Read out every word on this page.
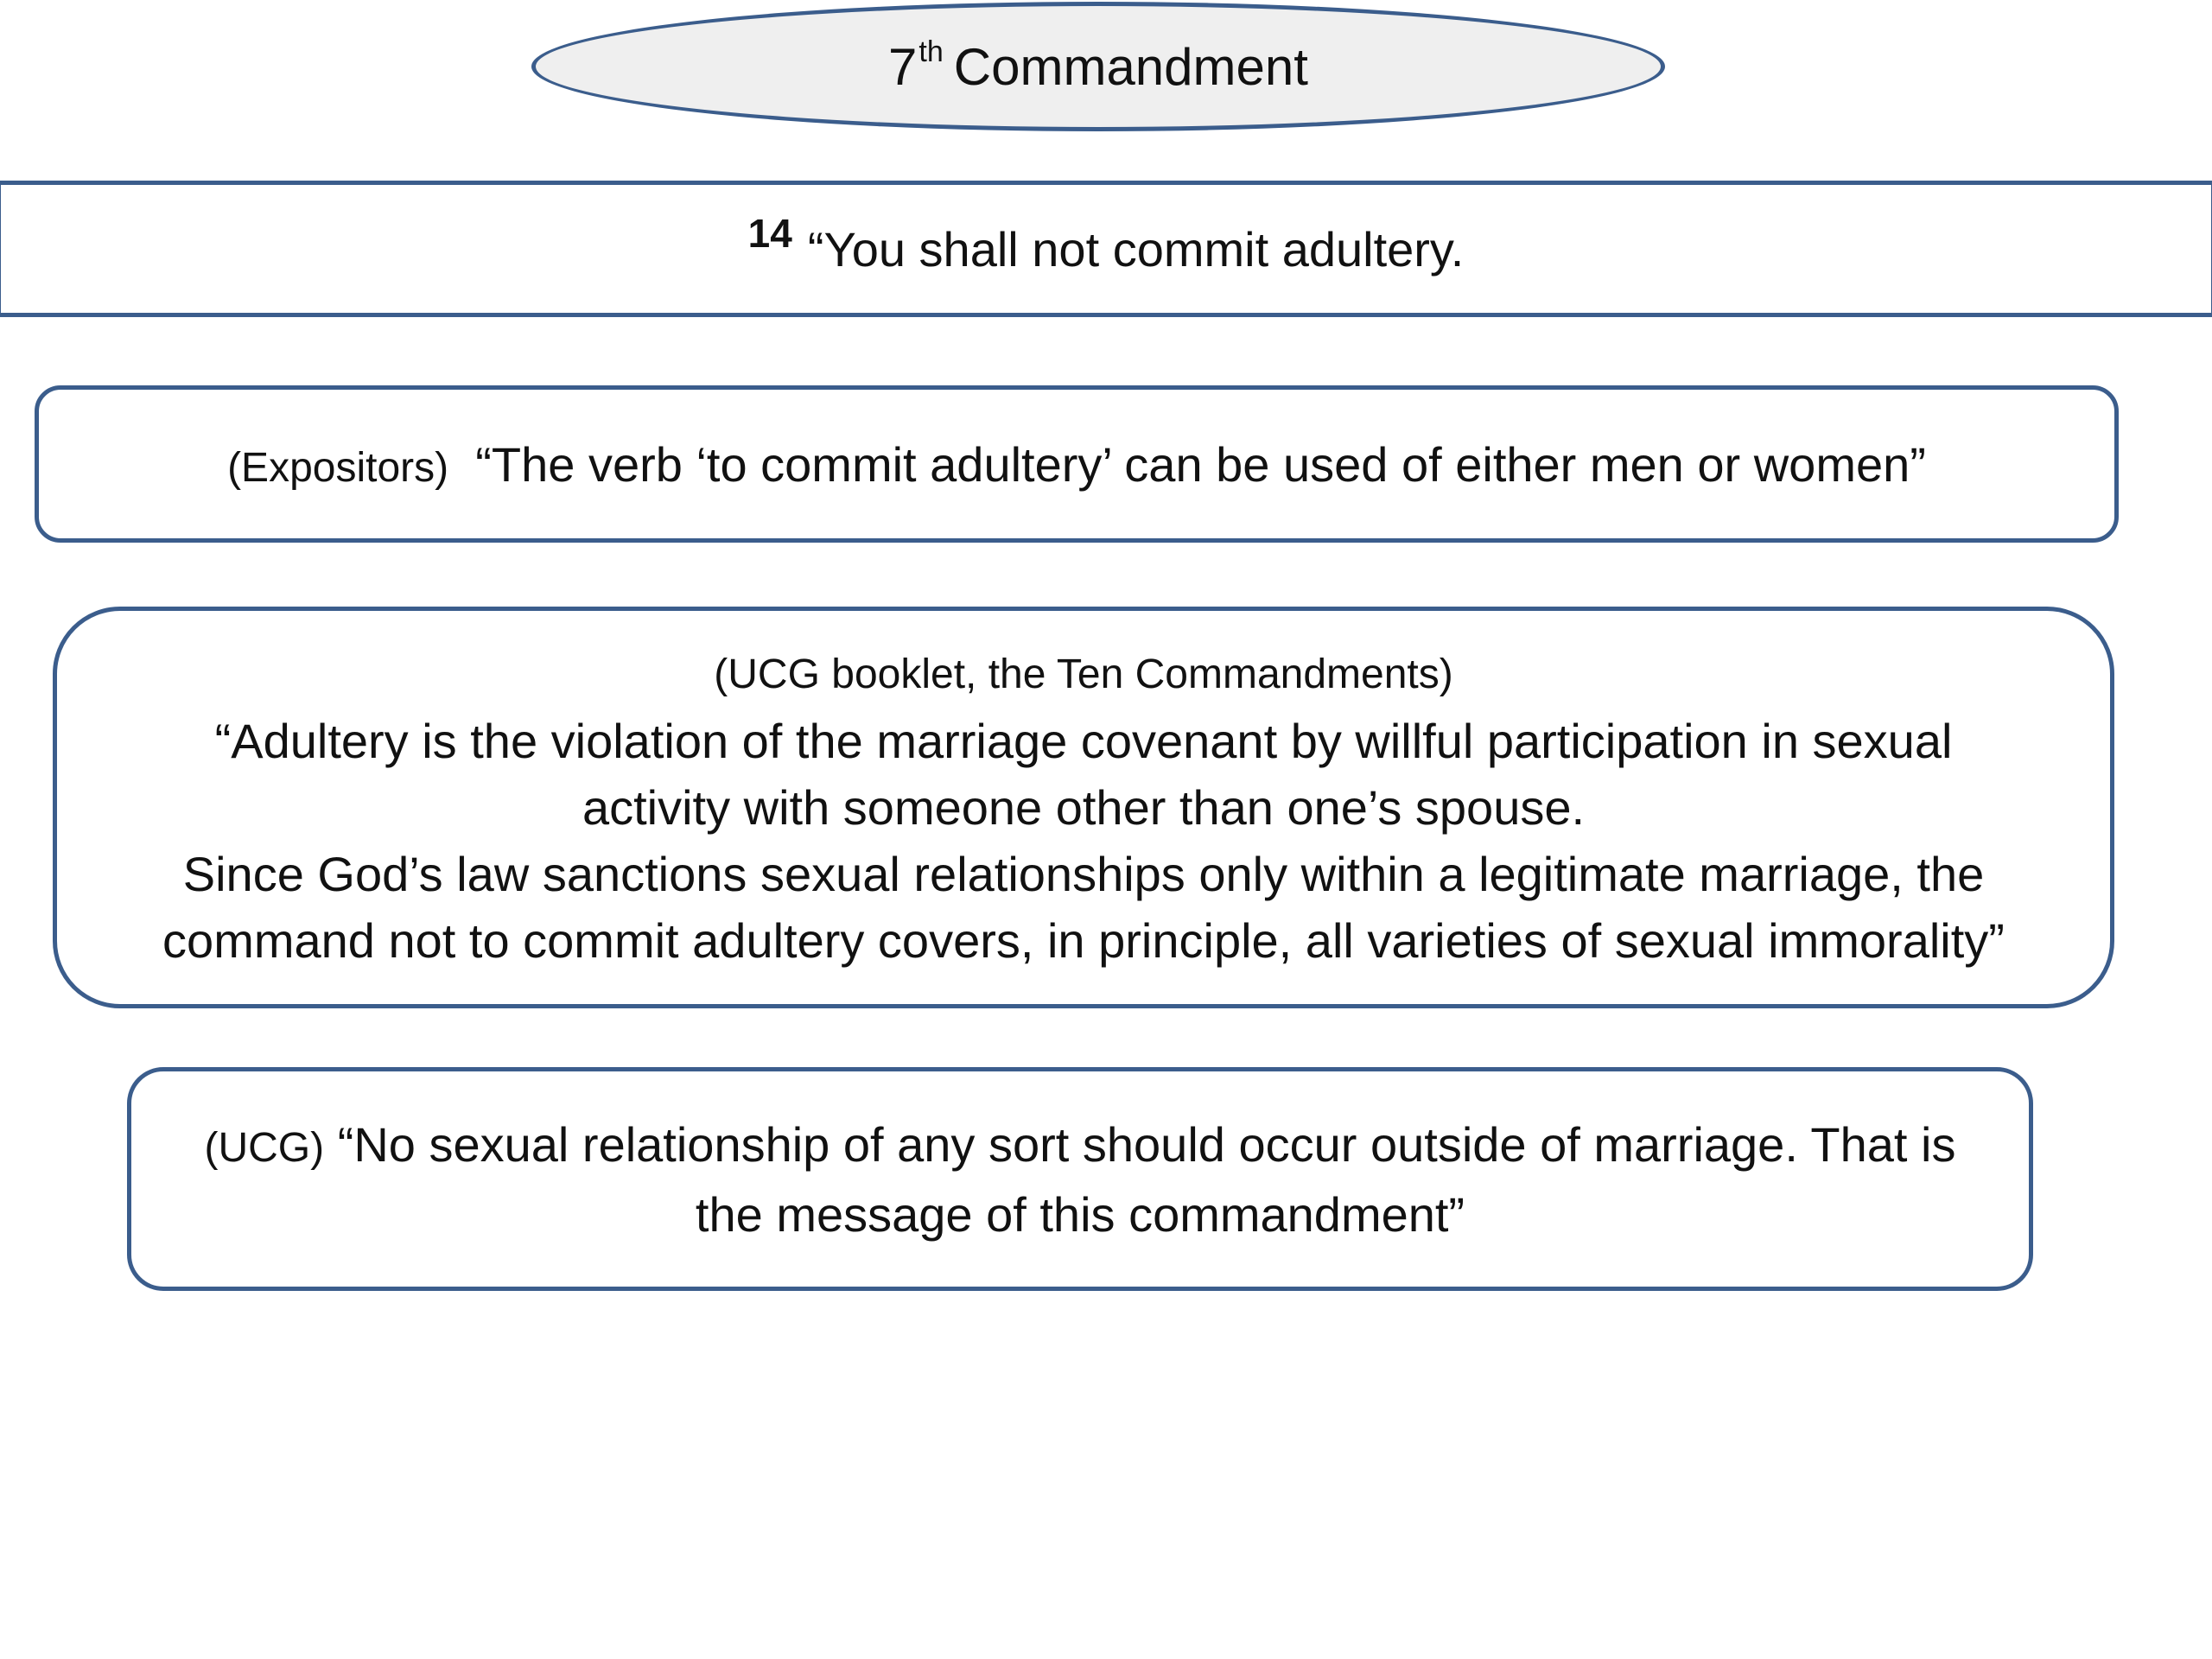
7th Commandment
$^{14}$ “You shall not commit adultery.
(Expositors) “The verb ‘to commit adultery’ can be used of either men or women”
(UCG booklet, the Ten Commandments)
“Adultery is the violation of the marriage covenant by willful participation in sexual
activity with someone other than one’s spouse.
Since God’s law sanctions sexual relationships only within a legitimate marriage, the
command not to commit adultery covers, in principle, all varieties of sexual immorality”
(UCG) “No sexual relationship of any sort should occur outside of marriage. That is
the message of this commandment”
